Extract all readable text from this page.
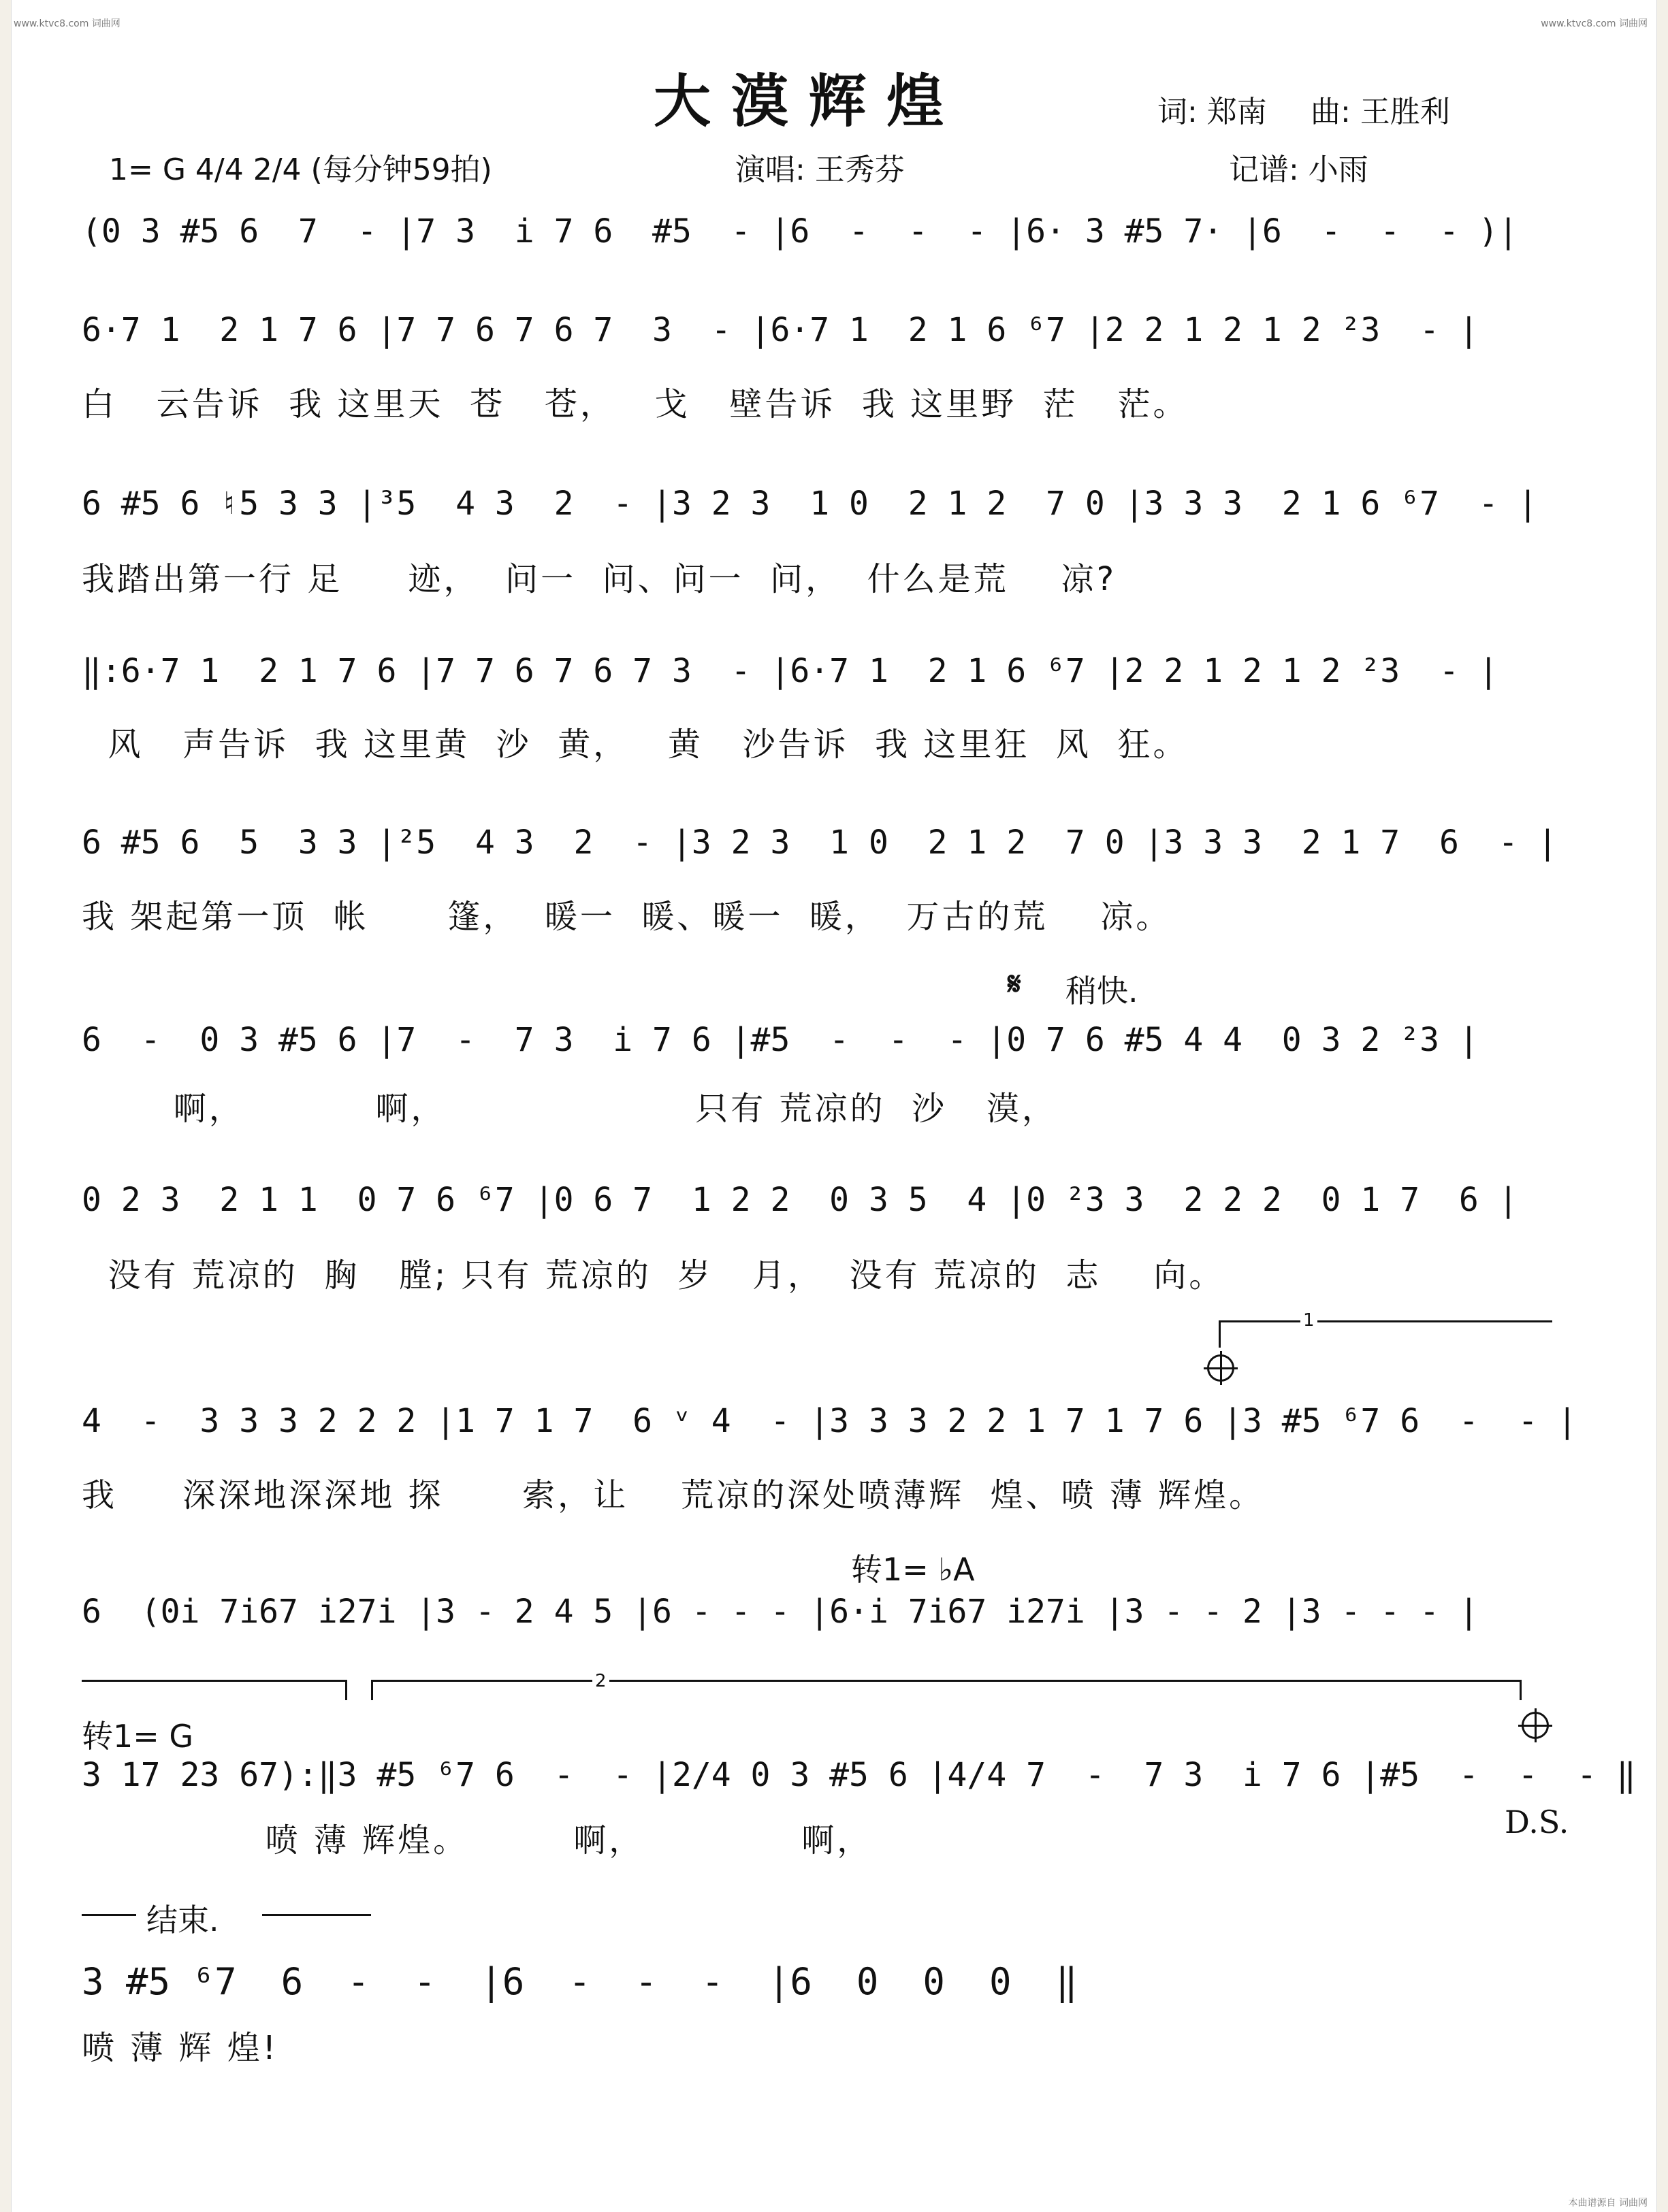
www.ktvc8.com 词曲网	www.ktvc8.com 词曲网
本曲谱源自 词曲网
大漠辉煌	词: 郑南 曲: 王胜利
1= G 4/4 2/4 (每分钟59拍)	演唱: 王秀芬	记谱: 小雨
(0 3 #5 6  7  - |7 3  i 7 6  #5  - |6  -  -  - |6· 3 #5 7· |6  -  -  - )|
6·7 1  2 1 7 6 |7 7 6 7 6 7  3  - |6·7 1  2 1 6 ⁶7 |2 2 1 2 1 2 ²3  - |
白   云告诉  我 这里天  苍   苍，   戈   壁告诉  我 这里野  茫   茫。
6 #5 6 ♮5 3 3 |³5  4 3  2  - |3 2 3  1 0  2 1 2  7 0 |3 3 3  2 1 6 ⁶7  - |
我踏出第一行 足     迹，  问一  问、问一  问，  什么是荒    凉?
‖:6·7 1  2 1 7 6 |7 7 6 7 6 7 3  - |6·7 1  2 1 6 ⁶7 |2 2 1 2 1 2 ²3  - |
风   声告诉  我 这里黄  沙  黄，   黄   沙告诉  我 这里狂  风  狂。
6 #5 6  5  3 3 |²5  4 3  2  - |3 2 3  1 0  2 1 2  7 0 |3 3 3  2 1 7  6  - |
我 架起第一顶  帐      篷，  暖一  暖、暖一  暖，  万古的荒    凉。
𝄋 稍快.
6  -  0 3 #5 6 |7  -  7 3  i 7 6 |#5  -  -  - |0 7 6 #5 4 4  0 3 2 ²3 |
啊，          啊，                   只有 荒凉的  沙   漠，
0 2 3  2 1 1  0 7 6 ⁶7 |0 6 7  1 2 2  0 3 5  4 |0 ²3 3  2 2 2  0 1 7  6 |
没有 荒凉的  胸   膛; 只有 荒凉的  岁   月，  没有 荒凉的  志    向。
1
4  -  3 3 3 2 2 2 |1 7 1 7  6 ᵛ 4  - |3 3 3 2 2 1 7 1 7 6 |3 #5 ⁶7 6  -  - |
我     深深地深深地 探      索，让    荒凉的深处喷薄辉  煌、喷 薄 辉煌。
转1= ♭A
6  (0i 7i67 i27i |3 - 2 4 5 |6 - - - |6·i 7i67 i27i |3 - - 2 |3 - - - |
2
转1= G
3 17 23 67):‖3 #5 ⁶7 6  -  - |2/4 0 3 #5 6 |4/4 7  -  7 3  i 7 6 |#5  -  -  - ‖
喷 薄 辉煌。        啊，            啊，	D.S.
结束.
3 #5 ⁶7  6  -  -  |6  -  -  -  |6  0  0  0  ‖
喷 薄 辉 煌!
